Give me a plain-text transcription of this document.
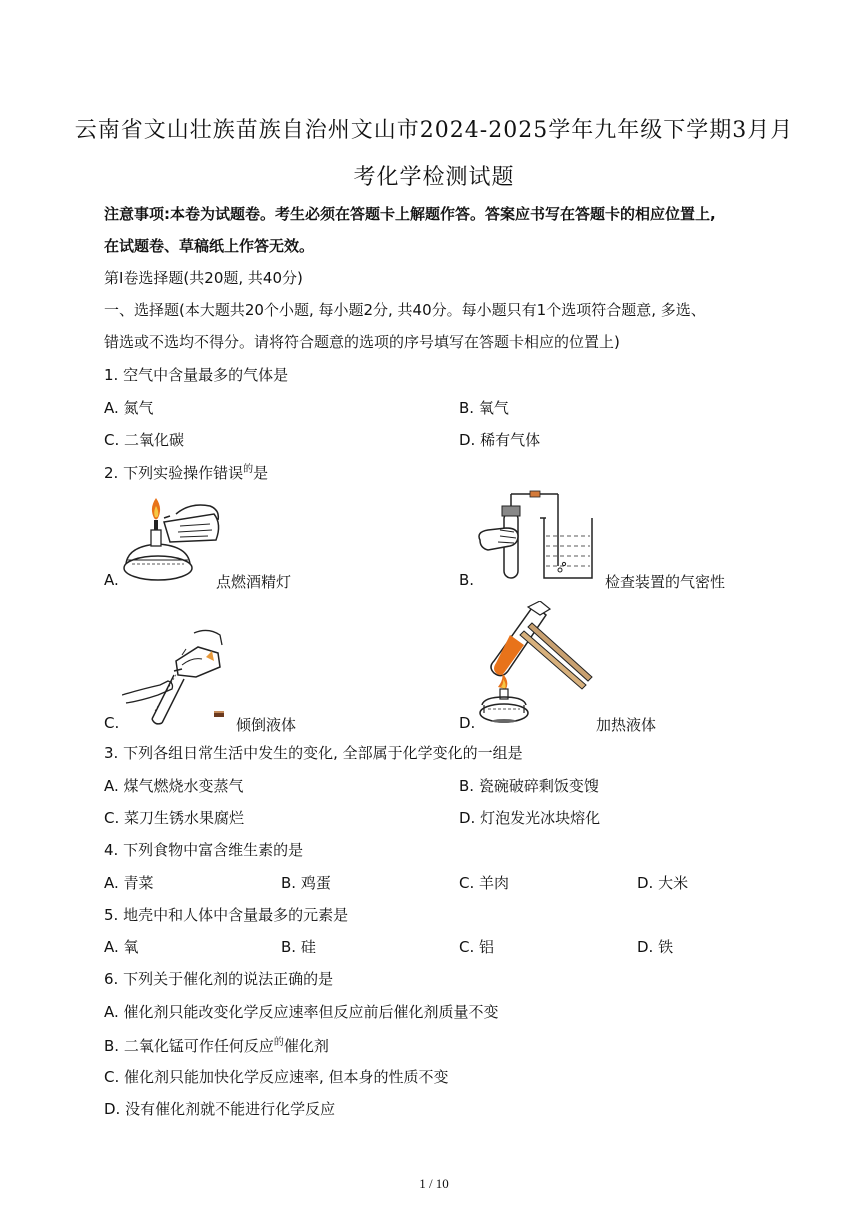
云南省文山壮族苗族自治州文山市2024-2025学年九年级下学期3月月
考化学检测试题
注意事项:本卷为试题卷。考生必须在答题卡上解题作答。答案应书写在答题卡的相应位置上,
在试题卷、草稿纸上作答无效。
第I卷选择题(共20题, 共40分)
一、选择题(本大题共20个小题, 每小题2分, 共40分。每小题只有1个选项符合题意, 多选、
错选或不选均不得分。请将符合题意的选项的序号填写在答题卡相应的位置上)
1. 空气中含量最多的气体是
A. 氮气	B. 氧气
C. 二氧化碳	D. 稀有气体
2. 下列实验操作错误$^的$是
A.	点燃酒精灯	B.	检查装置的气密性
C.	倾倒液体	D.	加热液体
3. 下列各组日常生活中发生的变化, 全部属于化学变化的一组是
A. 煤气燃烧水变蒸气	B. 瓷碗破碎剩饭变馊
C. 菜刀生锈水果腐烂	D. 灯泡发光冰块熔化
4. 下列食物中富含维生素的是
A. 青菜	B. 鸡蛋	C. 羊肉	D. 大米
5. 地壳中和人体中含量最多的元素是
A. 氧	B. 硅	C. 铝	D. 铁
6. 下列关于催化剂的说法正确的是
A. 催化剂只能改变化学反应速率但反应前后催化剂质量不变
B. 二氧化锰可作任何反应$^的$催化剂
C. 催化剂只能加快化学反应速率, 但本身的性质不变
D. 没有催化剂就不能进行化学反应
1 / 10
